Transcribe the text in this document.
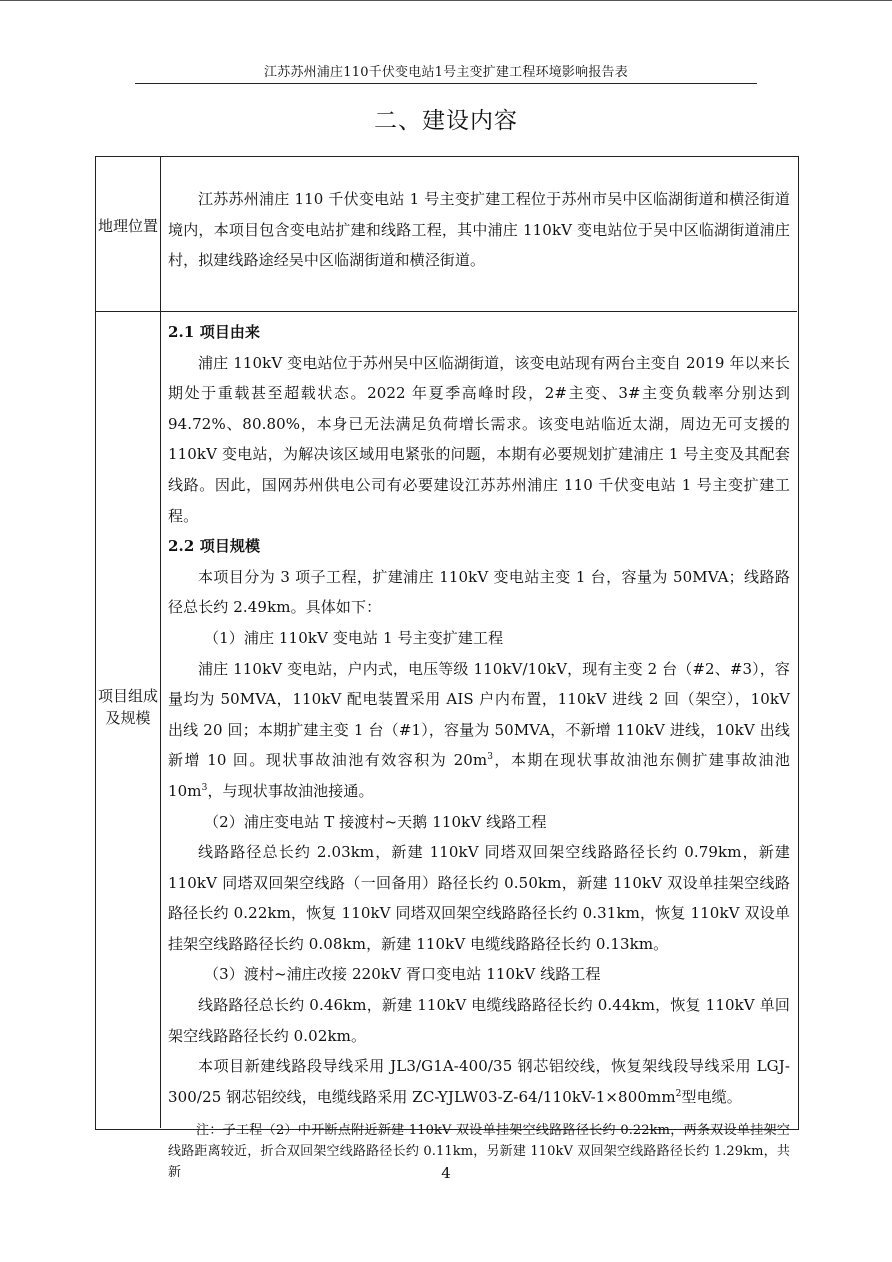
江苏苏州浦庄110千伏变电站1号主变扩建工程环境影响报告表
二、建设内容
地理位置
江苏苏州浦庄 110 千伏变电站 1 号主变扩建工程位于苏州市吴中区临湖街道和横泾街道境内，本项目包含变电站扩建和线路工程，其中浦庄 110kV 变电站位于吴中区临湖街道浦庄村，拟建线路途经吴中区临湖街道和横泾街道。
项目组成及规模

2.1 项目由来

浦庄 110kV 变电站位于苏州吴中区临湖街道，该变电站现有两台主变自 2019 年以来长期处于重载甚至超载状态。2022 年夏季高峰时段，2#主变、3#主变负载率分别达到 94.72%、80.80%，本身已无法满足负荷增长需求。该变电站临近太湖，周边无可支援的 110kV 变电站，为解决该区域用电紧张的问题，本期有必要规划扩建浦庄 1 号主变及其配套线路。因此，国网苏州供电公司有必要建设江苏苏州浦庄 110 千伏变电站 1 号主变扩建工程。

2.2 项目规模

本项目分为 3 项子工程，扩建浦庄 110kV 变电站主变 1 台，容量为 50MVA；线路路径总长约 2.49km。具体如下：

（1）浦庄 110kV 变电站 1 号主变扩建工程

浦庄 110kV 变电站，户内式，电压等级 110kV/10kV，现有主变 2 台（#2、#3），容量均为 50MVA，110kV 配电装置采用 AIS 户内布置，110kV 进线 2 回（架空），10kV 出线 20 回；本期扩建主变 1 台（#1），容量为 50MVA，不新增 110kV 进线，10kV 出线新增 10 回。现状事故油池有效容积为 $20m^3$，本期在现状事故油池东侧扩建事故油池 $10m^3$，与现状事故油池接通。

（2）浦庄变电站 T 接渡村~天鹅 110kV 线路工程

线路路径总长约 2.03km，新建 110kV 同塔双回架空线路路径长约 0.79km，新建 110kV 同塔双回架空线路（一回备用）路径长约 0.50km，新建 110kV 双设单挂架空线路路径长约 0.22km，恢复 110kV 同塔双回架空线路路径长约 0.31km，恢复 110kV 双设单挂架空线路路径长约 0.08km，新建 110kV 电缆线路路径长约 0.13km。

（3）渡村~浦庄改接 220kV 胥口变电站 110kV 线路工程

线路路径总长约 0.46km，新建 110kV 电缆线路路径长约 0.44km，恢复 110kV 单回架空线路路径长约 0.02km。

本项目新建线路段导线采用 JL3/G1A-400/35 钢芯铝绞线，恢复架线段导线采用 LGJ-300/25 钢芯铝绞线，电缆线路采用 $ZC-YJLW03-Z-64/110kV-1\times 800mm^2$型电缆。

注：子工程（2）中开断点附近新建 110kV 双设单挂架空线路路径长约 0.22km，两条双设单挂架空线路距离较近，折合双回架空线路路径长约 0.11km，另新建 110kV 双回架空线路路径长约 1.29km，共新	4
